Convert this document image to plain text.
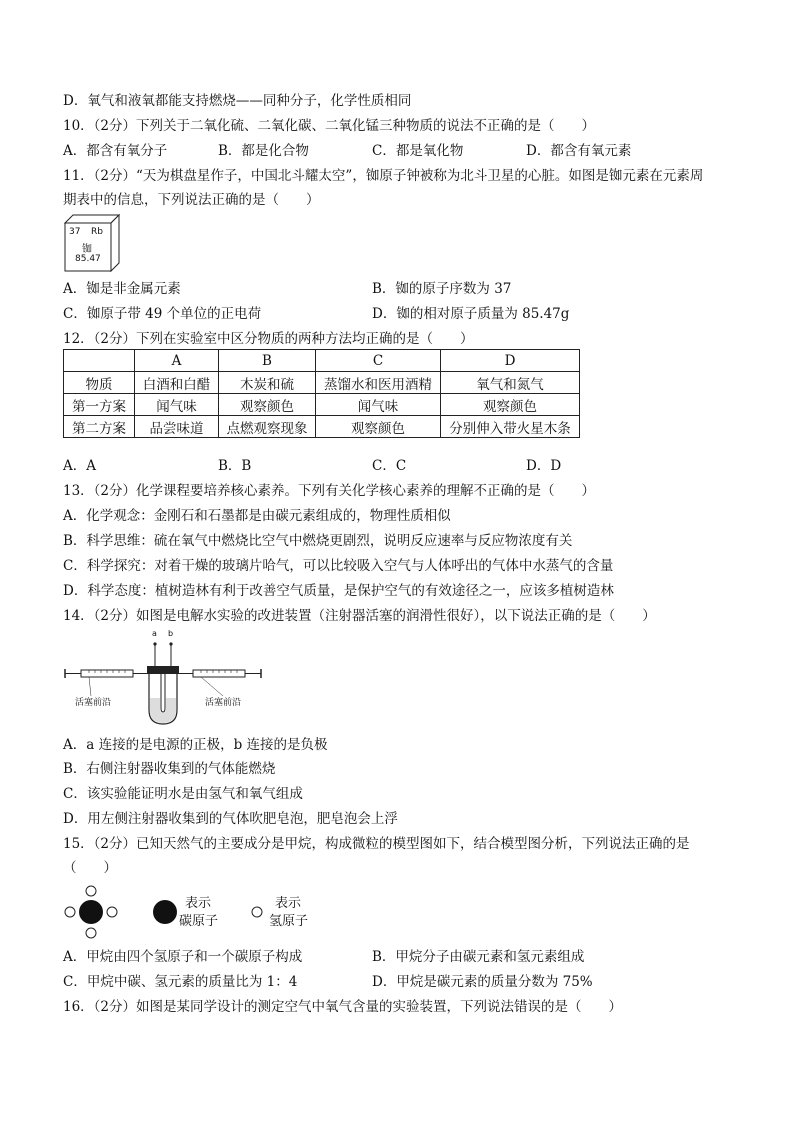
D．氧气和液氧都能支持燃烧——同种分子，化学性质相同
10．（2分）下列关于二氧化硫、二氧化碳、二氧化锰三种物质的说法不正确的是（　　）
A．都含有氧分子	B．都是化合物	C．都是氧化物	D．都含有氧元素
11．（2分）“天为棋盘星作子，中国北斗耀太空”，铷原子钟被称为北斗卫星的心脏。如图是铷元素在元素周
期表中的信息，下列说法正确的是（　　）
37 Rb
铷
85.47
A．铷是非金属元素	B．铷的原子序数为 37
C．铷原子带 49 个单位的正电荷	D．铷的相对原子质量为 85.47g
12．（2分）下列在实验室中区分物质的两种方法均正确的是（　　）
	A	B	C	D
物质	白酒和白醋	木炭和硫	蒸馏水和医用酒精	氧气和氮气
第一方案	闻气味	观察颜色	闻气味	观察颜色
第二方案	品尝味道	点燃观察现象	观察颜色	分别伸入带火星木条
A．A	B．B	C．C	D．D
13．（2分）化学课程要培养核心素养。下列有关化学核心素养的理解不正确的是（　　）
A．化学观念：金刚石和石墨都是由碳元素组成的，物理性质相似
B．科学思维：硫在氧气中燃烧比空气中燃烧更剧烈，说明反应速率与反应物浓度有关
C．科学探究：对着干燥的玻璃片哈气，可以比较吸入空气与人体呼出的气体中水蒸气的含量
D．科学态度：植树造林有利于改善空气质量，是保护空气的有效途径之一，应该多植树造林
14．（2分）如图是电解水实验的改进装置（注射器活塞的润滑性很好），以下说法正确的是（　　）
a b
活塞前沿	活塞前沿
A．a 连接的是电源的正极，b 连接的是负极
B．右侧注射器收集到的气体能燃烧
C．该实验能证明水是由氢气和氧气组成
D．用左侧注射器收集到的气体吹肥皂泡，肥皂泡会上浮
15．（2分）已知天然气的主要成分是甲烷，构成微粒的模型图如下，结合模型图分析，下列说法正确的是
（　　）
表示
碳原子
表示
氢原子
A．甲烷由四个氢原子和一个碳原子构成	B．甲烷分子由碳元素和氢元素组成
C．甲烷中碳、氢元素的质量比为 1：4	D．甲烷是碳元素的质量分数为 75%
16．（2分）如图是某同学设计的测定空气中氧气含量的实验装置，下列说法错误的是（　　）
